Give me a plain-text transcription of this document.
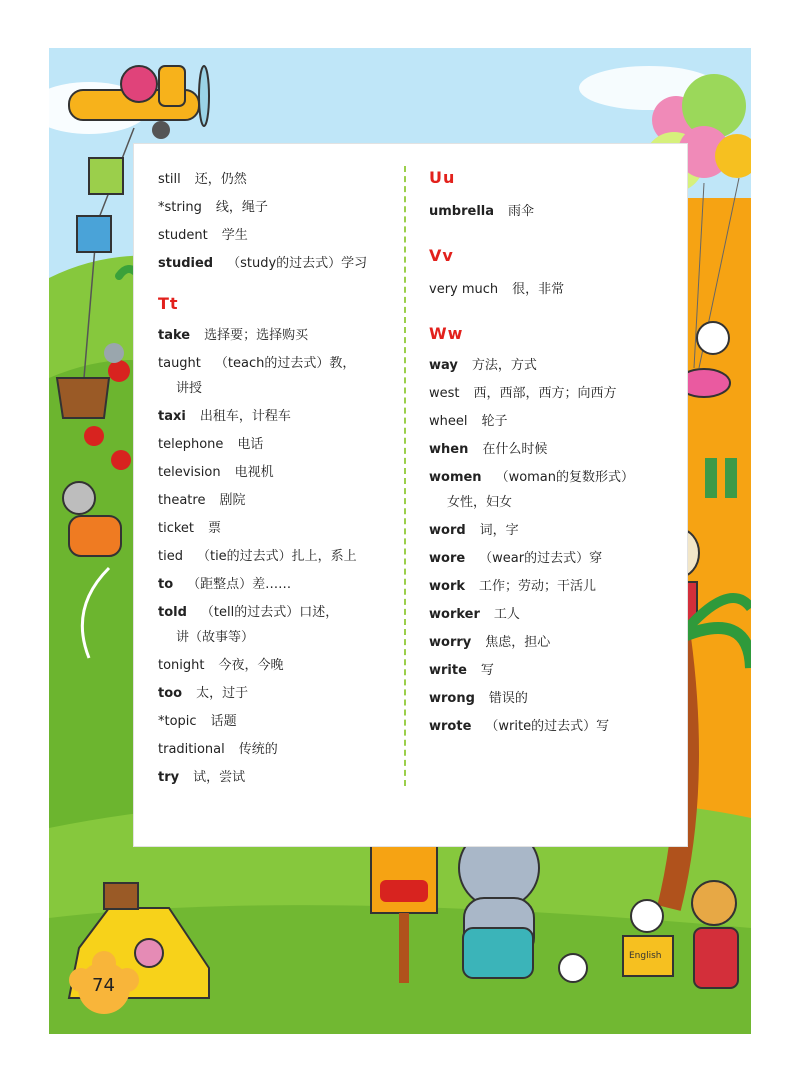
English
74
still 还，仍然
*string 线，绳子
student 学生
studied （study的过去式）学习
Tt
take 选择要；选择购买
taught （teach的过去式）教，
讲授
taxi 出租车，计程车
telephone 电话
television 电视机
theatre 剧院
ticket 票
tied （tie的过去式）扎上，系上
to （距整点）差……
told （tell的过去式）口述，
讲（故事等）
tonight 今夜，今晚
too 太，过于
*topic 话题
traditional 传统的
try 试，尝试
Uu
umbrella 雨伞
Vv
very much 很，非常
Ww
way 方法，方式
west 西，西部，西方；向西方
wheel 轮子
when 在什么时候
women （woman的复数形式）
女性，妇女
word 词，字
wore （wear的过去式）穿
work 工作；劳动；干活儿
worker 工人
worry 焦虑，担心
write 写
wrong 错误的
wrote （write的过去式）写
